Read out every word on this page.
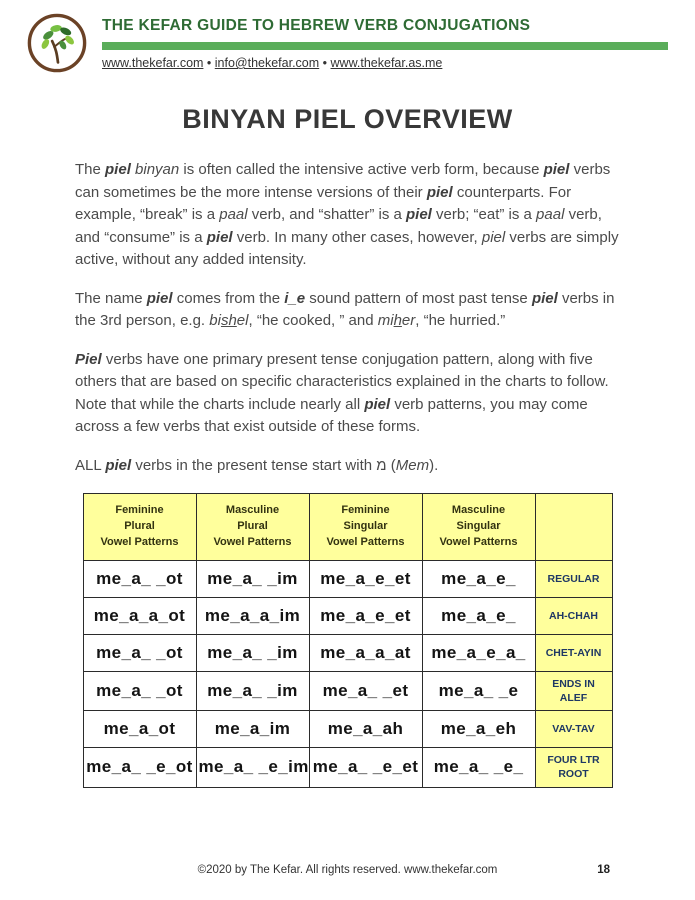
THE KEFAR GUIDE TO HEBREW VERB CONJUGATIONS
www.thekefar.com • info@thekefar.com • www.thekefar.as.me
BINYAN PIEL OVERVIEW

The piel binyan is often called the intensive active verb form, because piel verbs can sometimes be the more intense versions of their piel counterparts. For example, “break” is a paal verb, and “shatter” is a piel verb; “eat” is a paal verb, and “consume” is a piel verb. In many other cases, however, piel verbs are simply active, without any added intensity.

The name piel comes from the i_e sound pattern of most past tense piel verbs in the 3rd person, e.g. bishel, “he cooked, ” and miher, “he hurried.”

Piel verbs have one primary present tense conjugation pattern, along with five others that are based on specific characteristics explained in the charts to follow. Note that while the charts include nearly all piel verb patterns, you may come across a few verbs that exist outside of these forms.

ALL piel verbs in the present tense start with מ (Mem).

Feminine
Plural
Vowel Patterns	Masculine
Plural
Vowel Patterns	Feminine
Singular
Vowel Patterns	Masculine
Singular
Vowel Patterns	
me_a_ _ot	me_a_ _im	me_a_e_et	me_a_e_	REGULAR
me_a_a_ot	me_a_a_im	me_a_e_et	me_a_e_	AH-CHAH
me_a_ _ot	me_a_ _im	me_a_a_at	me_a_e_a_	CHET-AYIN
me_a_ _ot	me_a_ _im	me_a_ _et	me_a_ _e	ENDS IN ALEF
me_a_ot	me_a_im	me_a_ah	me_a_eh	VAV-TAV
me_a_ _e_ot	me_a_ _e_im	me_a_ _e_et	me_a_ _e_	FOUR LTR ROOT
©2020 by The Kefar. All rights reserved. www.thekefar.com	18
